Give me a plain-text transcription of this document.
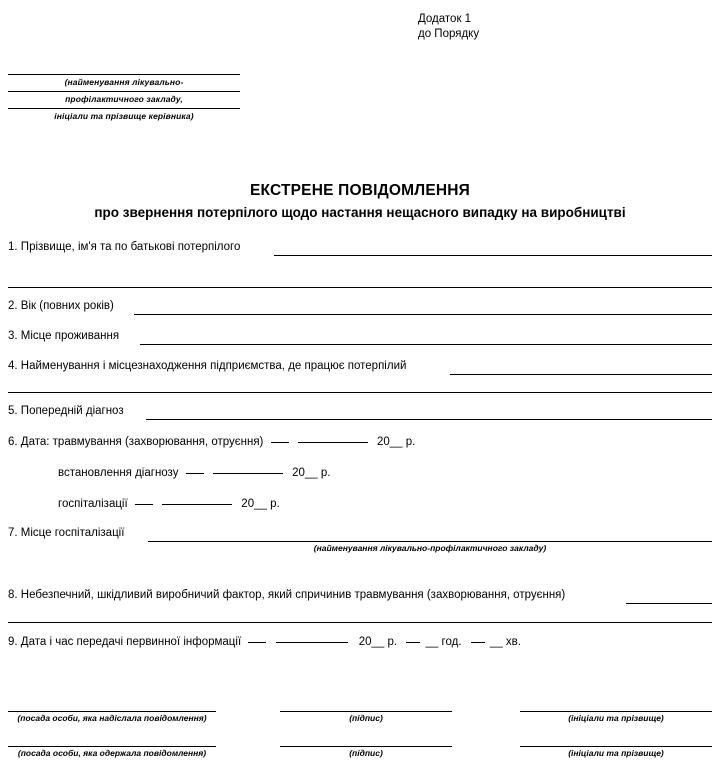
Додаток 1
до Порядку
(найменування лікувально-
профілактичного закладу,
ініціали та прізвище керівника)
ЕКСТРЕНЕ ПОВІДОМЛЕННЯ
про звернення потерпілого щодо настання нещасного випадку на виробництві
1. Прізвище, ім'я та по батькові потерпілого
2. Вік (повних років)
3. Місце проживання
4. Найменування і місцезнаходження підприємства, де працює потерпілий
5. Попередній діагноз
6. Дата: травмування (захворювання, отруєння)	20__ р.
встановлення діагнозу	20__ р.
госпіталізації	20__ р.
7. Місце госпіталізації
(найменування лікувально-профілактичного закладу)
8. Небезпечний, шкідливий виробничий фактор, який спричинив травмування (захворювання, отруєння)
9. Дата і час передачі первинної інформації	20__ р. __ год. __ хв.
(посада особи, яка надіслала повідомлення)	(підпис)	(ініціали та прізвище)
(посада особи, яка одержала повідомлення)	(підпис)	(ініціали та прізвище)
